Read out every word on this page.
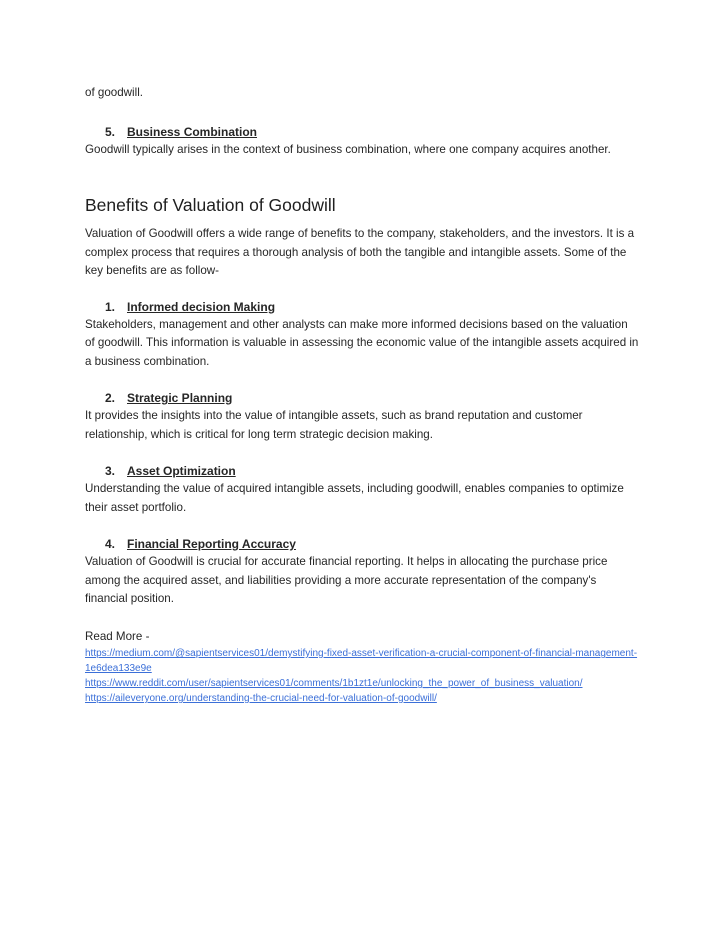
of goodwill.

5. Business Combination

Goodwill typically arises in the context of business combination, where one company acquires another.

Benefits of Valuation of Goodwill

Valuation of Goodwill offers a wide range of benefits to the company, stakeholders, and the investors. It is a complex process that requires a thorough analysis of both the tangible and intangible assets. Some of the key benefits are as follow-

1. Informed decision Making

Stakeholders, management and other analysts can make more informed decisions based on the valuation of goodwill. This information is valuable in assessing the economic value of the intangible assets acquired in a business combination.

2. Strategic Planning

It provides the insights into the value of intangible assets, such as brand reputation and customer relationship, which is critical for long term strategic decision making.

3. Asset Optimization

Understanding the value of acquired intangible assets, including goodwill, enables companies to optimize their asset portfolio.

4. Financial Reporting Accuracy

Valuation of Goodwill is crucial for accurate financial reporting. It helps in allocating the purchase price among the acquired asset, and liabilities providing a more accurate representation of the company's financial position.

Read More -

https://medium.com/@sapientservices01/demystifying-fixed-asset-verification-a-crucial-component-of-financial-management-1e6dea133e9e
https://www.reddit.com/user/sapientservices01/comments/1b1zt1e/unlocking_the_power_of_business_valuation/
https://aileveryone.org/understanding-the-crucial-need-for-valuation-of-goodwill/
